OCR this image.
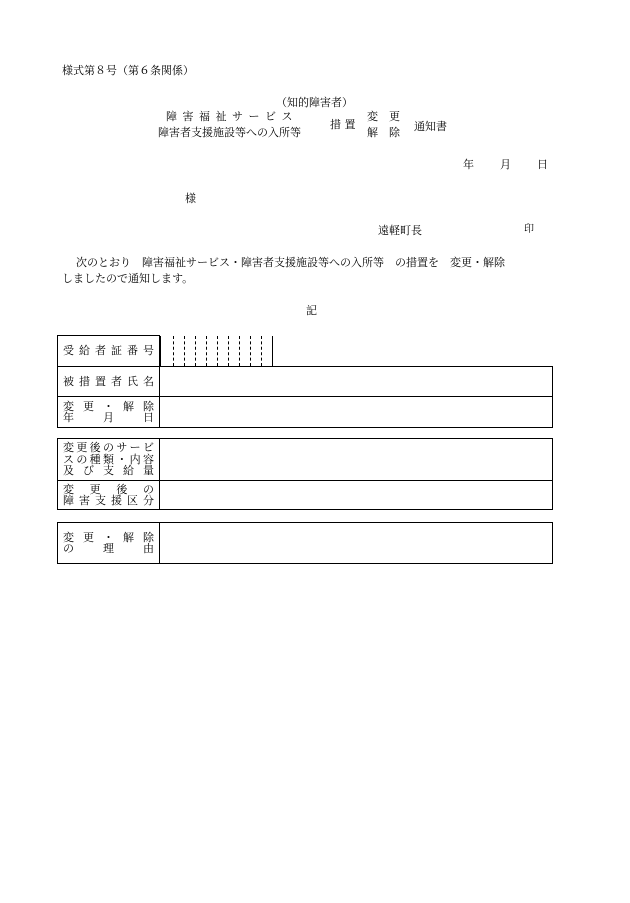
様式第８号（第６条関係）
（知的障害者）
障 害 福 祉 サ ー ビ ス
障害者支援施設等への入所等
措 置
変　更
解　除 通知書
年 月 日
様
遠軽町長	印
次のとおり　障害福祉サービス・障害者支援施設等への入所等　の措置を　変更・解除
しましたので通知します。
記
受給者証番号	

被措置者氏名	

変更・解除
年　　月　　日	

変更後のサービ
スの種類・内容
及び支給量	

変　更　後　の
障害支援区分	

変更・解除
の　　理　　由
